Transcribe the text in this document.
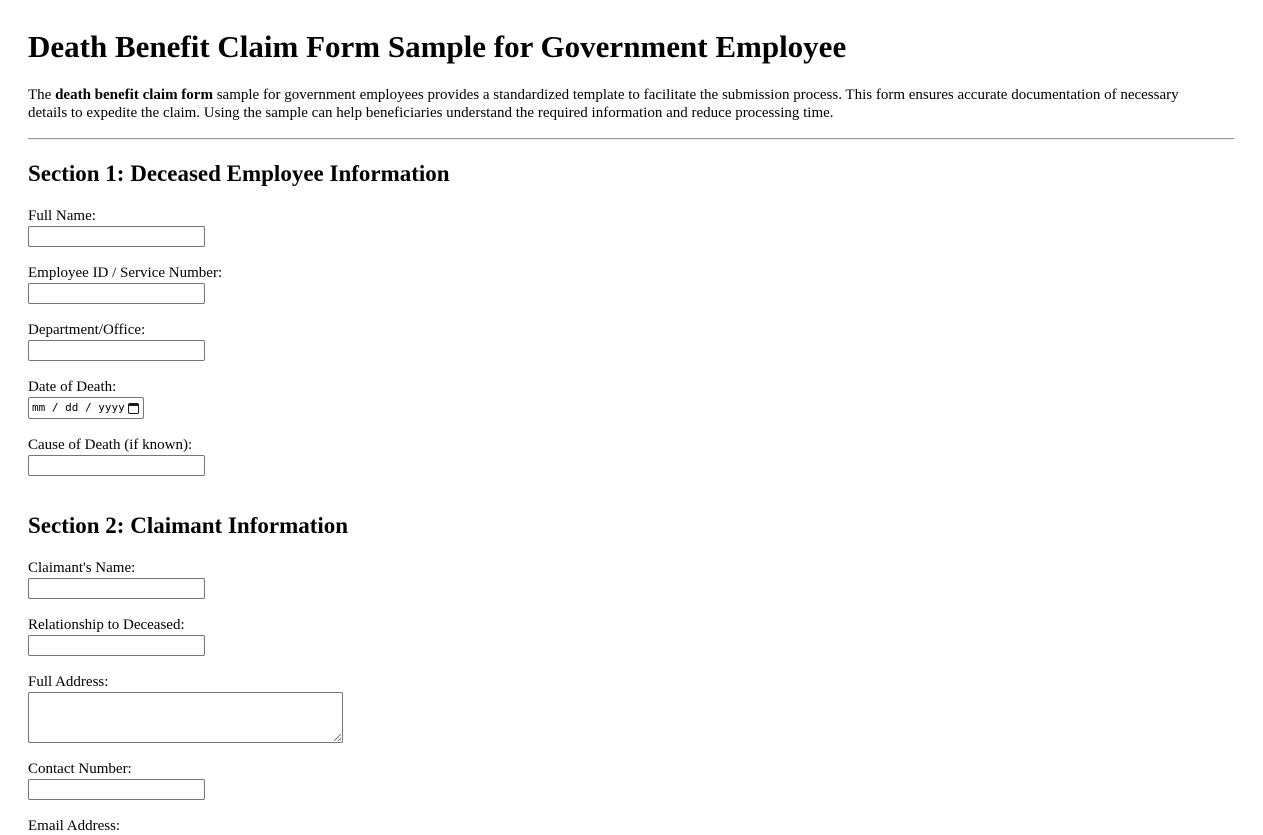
Death Benefit Claim Form Sample for Government Employee

The death benefit claim form sample for government employees provides a standardized template to facilitate the submission process. This form ensures accurate documentation of necessary details to expedite the claim. Using the sample can help beneficiaries understand the required information and reduce processing time.

Section 1: Deceased Employee Information
Full Name:
Employee ID / Service Number:
Department/Office:
Date of Death:
mm / dd / yyyy
Cause of Death (if known):
Section 2: Claimant Information
Claimant's Name:
Relationship to Deceased:
Full Address:
Contact Number:
Email Address:
